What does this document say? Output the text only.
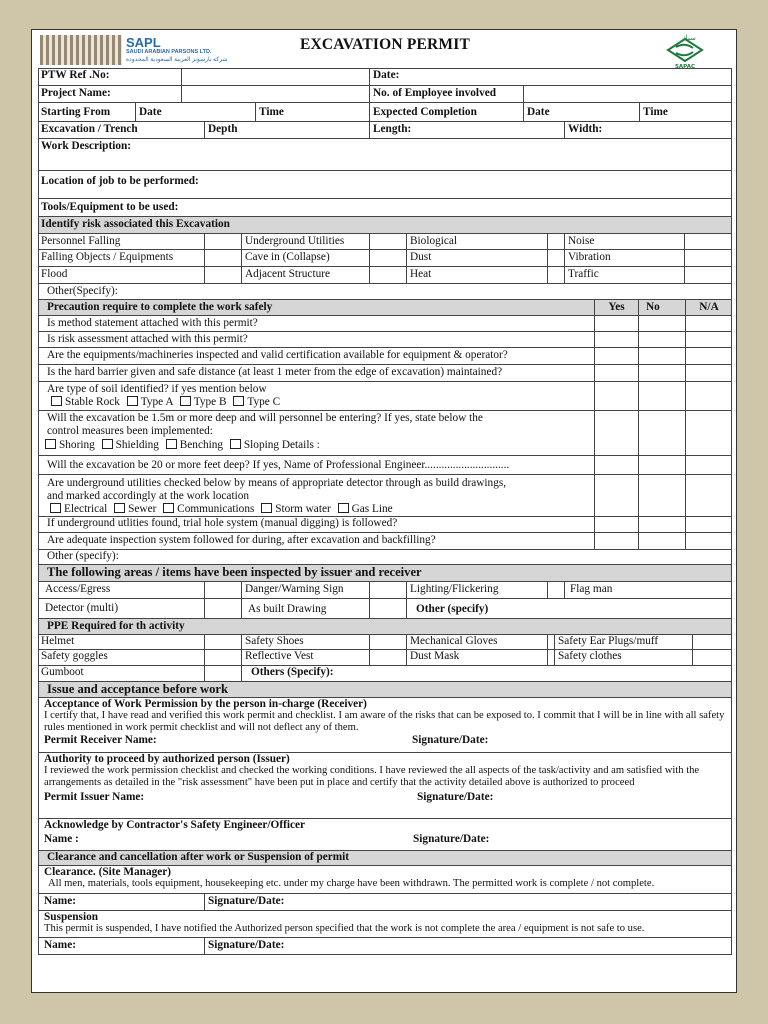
SAPL
SAUDI ARABIAN PARSONS LTD.
شركة بارسونز العربية السعودية المحدودة
EXCAVATION PERMIT	سبك
SAPAC
PTW Ref .No:	Date:
Project Name:	No. of Employee involved
Starting From	Date	Time	Expected Completion	Date	Time
Excavation / Trench	Depth	Length:	Width:
Work Description:
Location of job to be performed:
Tools/Equipment to be used:
Identify risk associated this Excavation
Personnel Falling	Underground Utilities	Biological	Noise
Falling Objects / Equipments	Cave in (Collapse)	Dust	Vibration
Flood	Adjacent Structure	Heat	Traffic
Other(Specify):
Precaution require to complete the work safely	Yes	No	N/A
Is method statement attached with this permit?
Is risk assessment attached with this permit?
Are the equipments/machineries inspected and valid certification available for equipment & operator?
Is the hard barrier given and safe distance (at least 1 meter from the edge of excavation) maintained?
Are type of soil identified? if yes mention below
Stable Rock Type A Type B Type C
Will the excavation be 1.5m or more deep and will personnel be entering? If yes, state below the
control measures been implemented:
Shoring Shielding Benching Sloping Details :
Will the excavation be 20 or more feet deep? If yes, Name of Professional Engineer..............................
Are underground utilities checked below by means of appropriate detector through as build drawings,
and marked accordingly at the work location
Electrical Sewer Communications Storm water Gas Line
If underground utlities found, trial hole system (manual digging) is followed?
Are adequate inspection system followed for during, after excavation and backfilling?
Other (specify):
The following areas / items have been inspected by issuer and receiver
Access/Egress	Danger/Warning Sign	Lighting/Flickering	Flag man
Detector (multi)	As built Drawing	Other (specify)
PPE Required for th activity
Helmet	Safety Shoes	Mechanical Gloves	Safety Ear Plugs/muff
Safety goggles	Reflective Vest	Dust Mask	Safety clothes
Gumboot	Others (Specify):
Issue and acceptance before work
Acceptance of Work Permission by the person in-charge (Receiver)
I certify that, I have read and verified this work permit and checklist. I am aware of the risks that can be exposed to. I commit that I will be in line with all safety rules mentioned in work permit checklist and will not deflect any of them.
Permit Receiver Name:	Signature/Date:
Authority to proceed by authorized person (Issuer)
I reviewed the work permission checklist and checked the working conditions. I have reviewed the all aspects of the task/activity and am satisfied with the arrangements as detailed in the "risk assessment" have been put in place and certify that the activity detailed above is authorized to proceed
Permit Issuer Name:	Signature/Date:
Acknowledge by Contractor's Safety Engineer/Officer
Name :	Signature/Date:
Clearance and cancellation after work or Suspension of permit
Clearance. (Site Manager)
All men, materials, tools equipment, housekeeping etc. under my charge have been withdrawn. The permitted work is complete / not complete.
Name:	Signature/Date:
Suspension
This permit is suspended, I have notified the Authorized person specified that the work is not complete the area / equipment is not safe to use.
Name:	Signature/Date:
